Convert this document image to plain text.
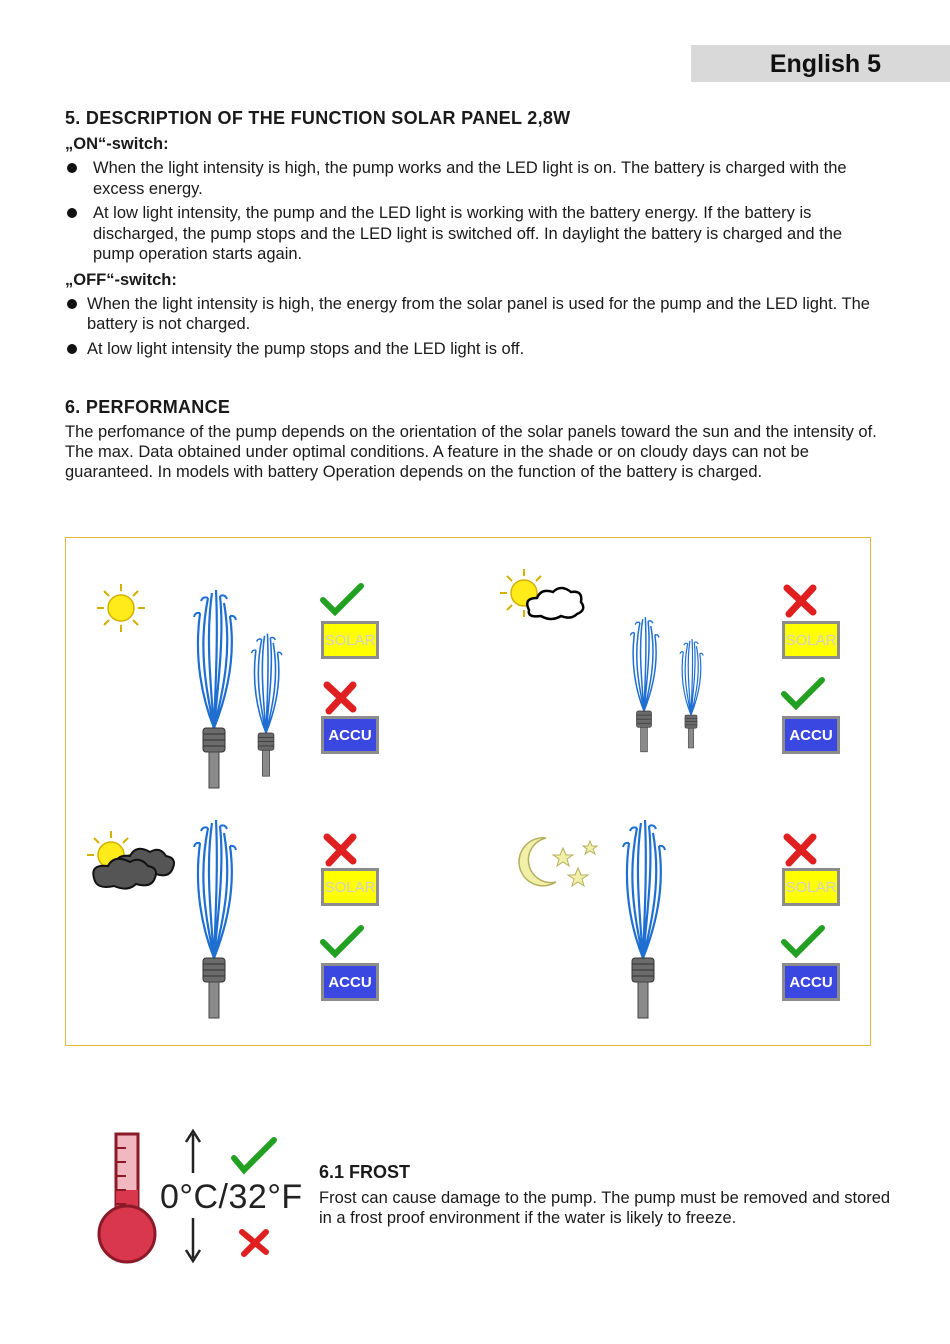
English 5
5. DESCRIPTION OF THE FUNCTION SOLAR PANEL 2,8W
„ON“-switch:
When the light intensity is high, the pump works and the LED light is on. The battery is charged with the excess energy.
At low light intensity, the pump and the LED light is working with the battery energy. If the battery is discharged, the pump stops and the LED light is switched off. In daylight the battery is charged and the pump operation starts again.
„OFF“-switch:
When the light intensity is high, the energy from the solar panel is used for the pump and the LED light. The battery is not charged.
At low light intensity the pump stops and the LED light is off.
6. PERFORMANCE

The perfomance of the pump depends on the orientation of the solar panels toward the sun and the intensity of. The max. Data obtained under optimal conditions. A feature in the shade or on cloudy days can not be guaranteed. In models with battery Operation depends on the function of the battery is charged.

SOLAR
ACCU
SOLAR
ACCU
SOLAR
ACCU
SOLAR
ACCU
0°C/32°F
6.1 FROST
Frost can cause damage to the pump. The pump must be removed and stored in a frost proof environment if the water is likely to freeze.
